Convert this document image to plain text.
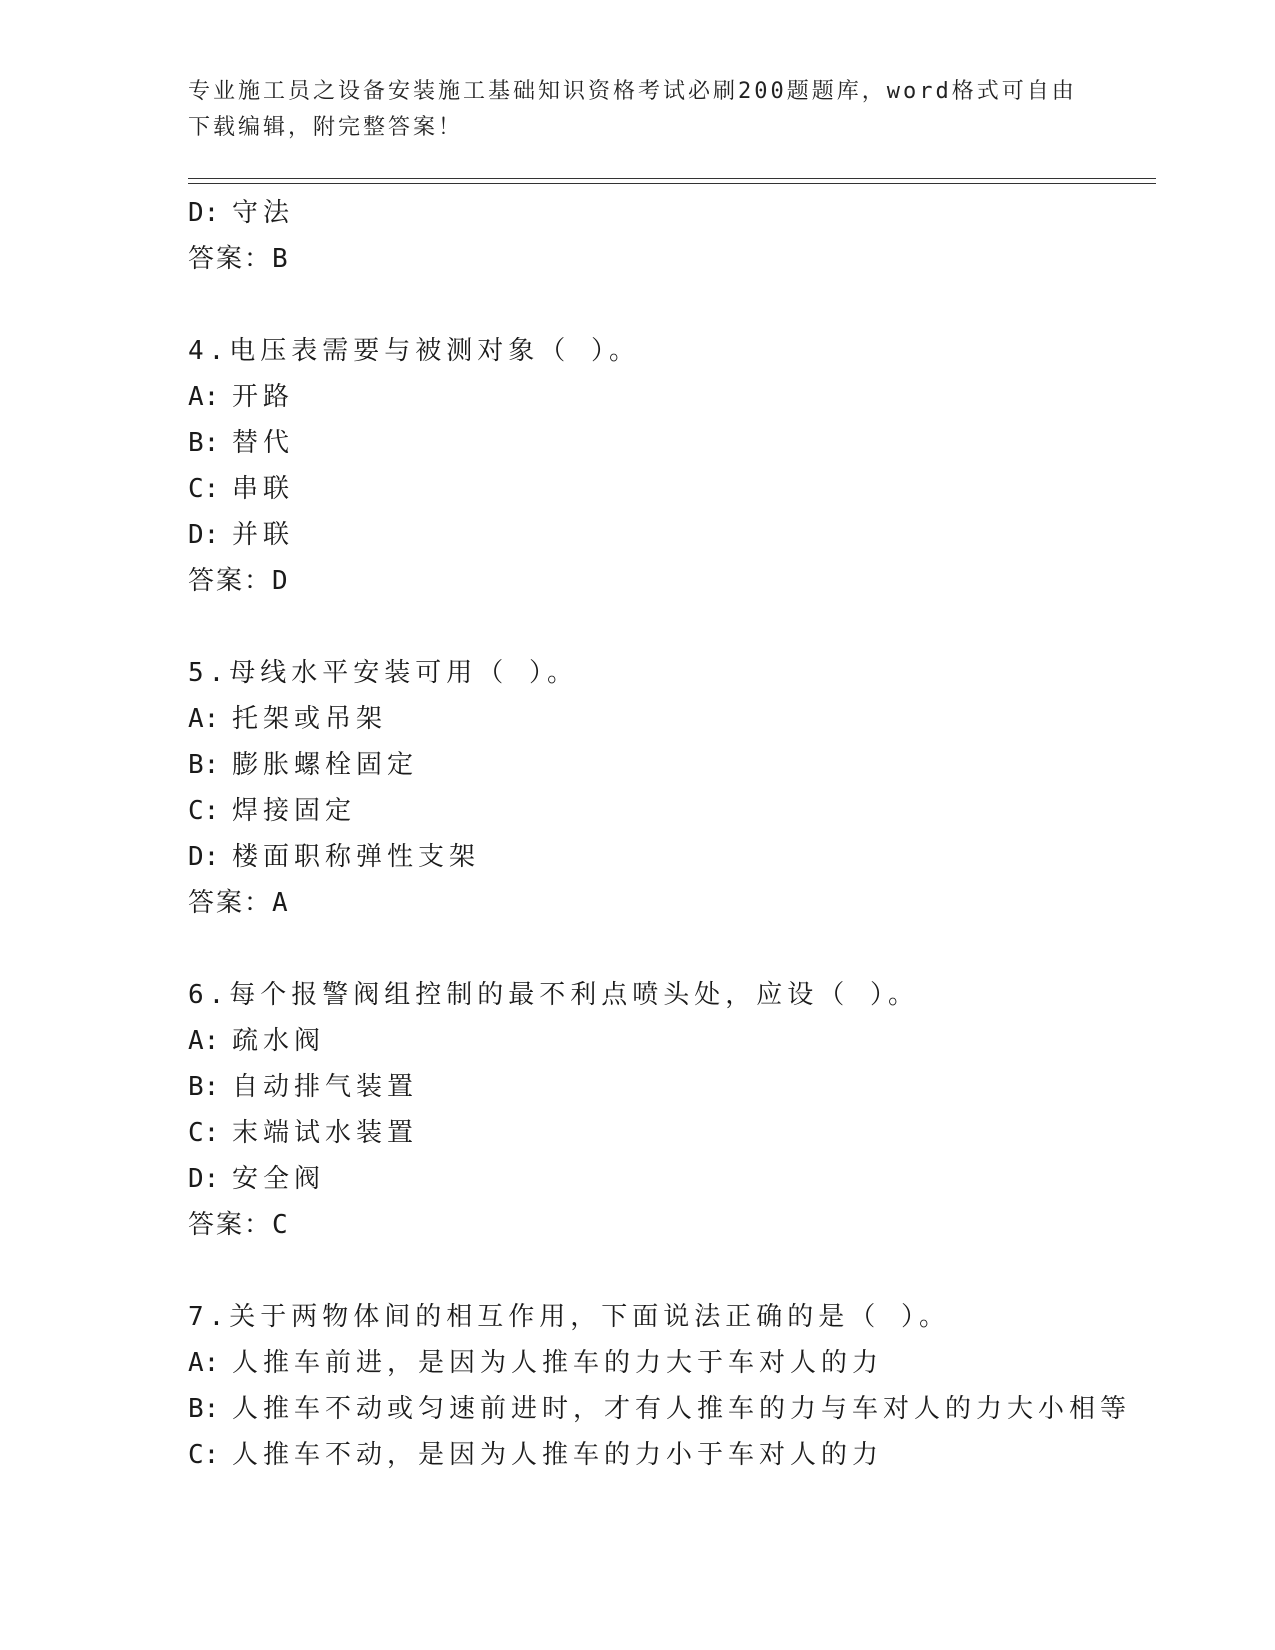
专业施工员之设备安装施工基础知识资格考试必刷200题题库，word格式可自由
下载编辑，附完整答案！
D: 守法
答案：B
4.电压表需要与被测对象（ ）。
A: 开路
B: 替代
C: 串联
D: 并联
答案：D
5.母线水平安装可用（ ）。
A: 托架或吊架
B: 膨胀螺栓固定
C: 焊接固定
D: 楼面职称弹性支架
答案：A
6.每个报警阀组控制的最不利点喷头处，应设（ ）。
A: 疏水阀
B: 自动排气装置
C: 末端试水装置
D: 安全阀
答案：C
7.关于两物体间的相互作用，下面说法正确的是（ ）。
A: 人推车前进，是因为人推车的力大于车对人的力
B: 人推车不动或匀速前进时，才有人推车的力与车对人的力大小相等
C: 人推车不动，是因为人推车的力小于车对人的力
